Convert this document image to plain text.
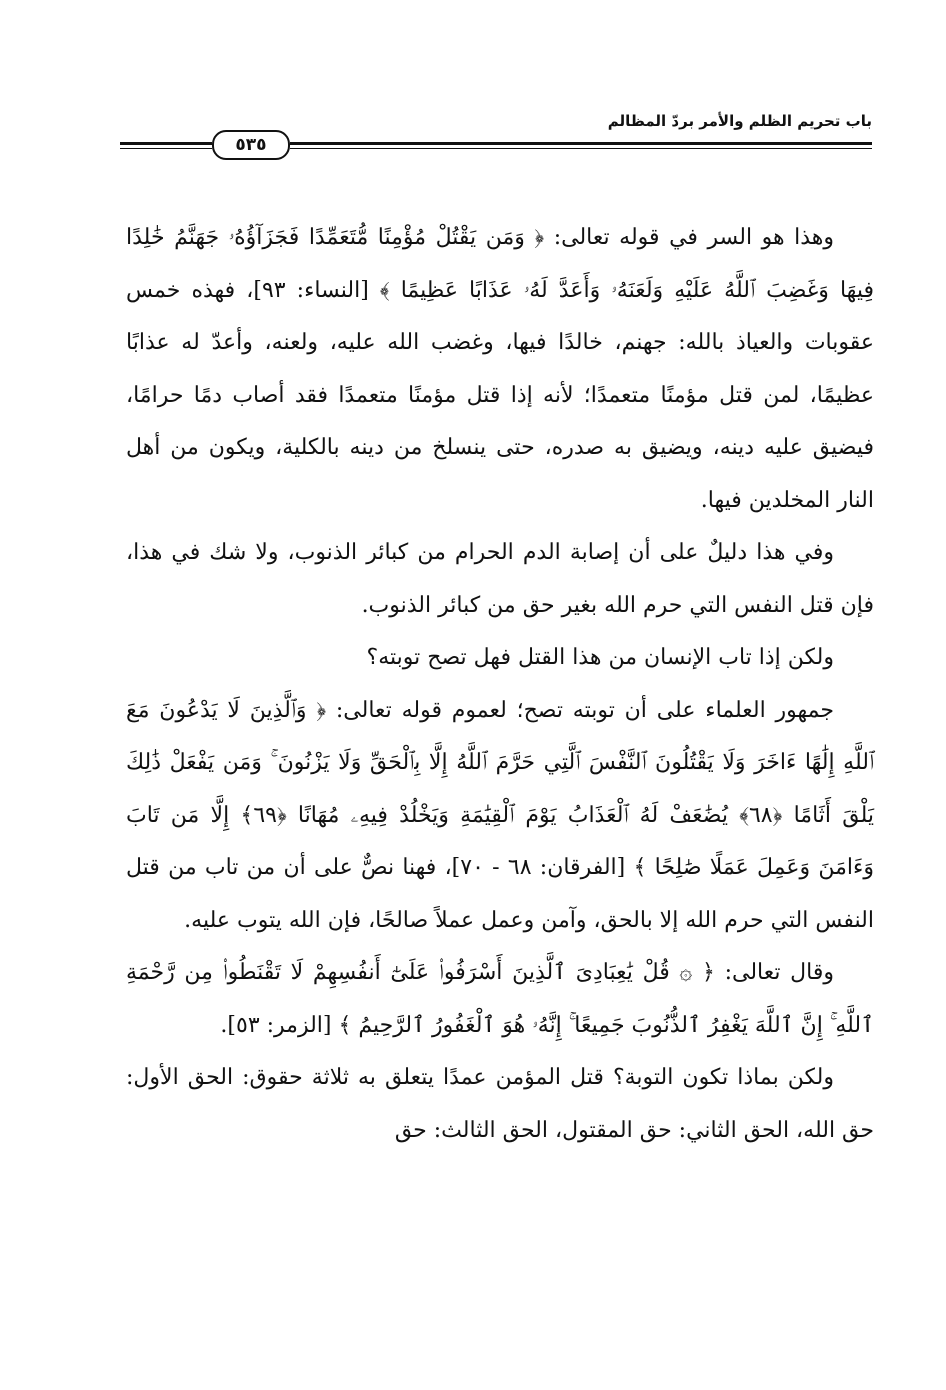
باب تحريم الظلم والأمر بردّ المظالم
٥٣٥

وهذا هو السر في قوله تعالى: ﴿ وَمَن يَقْتُلْ مُؤْمِنًا مُّتَعَمِّدًا فَجَزَآؤُهُۥ جَهَنَّمُ خَٰلِدًا فِيهَا وَغَضِبَ ٱللَّهُ عَلَيْهِ وَلَعَنَهُۥ وَأَعَدَّ لَهُۥ عَذَابًا عَظِيمًا ﴾ [النساء: ٩٣]، فهذه خمس عقوبات والعياذ بالله: جهنم، خالدًا فيها، وغضب الله عليه، ولعنه، وأعدّ له عذابًا عظيمًا، لمن قتل مؤمنًا متعمدًا؛ لأنه إذا قتل مؤمنًا متعمدًا فقد أصاب دمًا حرامًا، فيضيق عليه دينه، ويضيق به صدره، حتى ينسلخ من دينه بالكلية، ويكون من أهل النار المخلدين فيها.

وفي هذا دليلٌ على أن إصابة الدم الحرام من كبائر الذنوب، ولا شك في هذا، فإن قتل النفس التي حرم الله بغير حق من كبائر الذنوب.

ولكن إذا تاب الإنسان من هذا القتل فهل تصح توبته؟

جمهور العلماء على أن توبته تصح؛ لعموم قوله تعالى: ﴿ وَٱلَّذِينَ لَا يَدْعُونَ مَعَ ٱللَّهِ إِلَٰهًا ءَاخَرَ وَلَا يَقْتُلُونَ ٱلنَّفْسَ ٱلَّتِي حَرَّمَ ٱللَّهُ إِلَّا بِٱلْحَقِّ وَلَا يَزْنُونَ ۚ وَمَن يَفْعَلْ ذَٰلِكَ يَلْقَ أَثَامًا ﴿٦٨﴾ يُضَٰعَفْ لَهُ ٱلْعَذَابُ يَوْمَ ٱلْقِيَٰمَةِ وَيَخْلُدْ فِيهِۦ مُهَانًا ﴿٦٩﴾ إِلَّا مَن تَابَ وَءَامَنَ وَعَمِلَ عَمَلًا صَٰلِحًا ﴾ [الفرقان: ٦٨ - ٧٠]، فهنا نصٌّ على أن من تاب من قتل النفس التي حرم الله إلا بالحق، وآمن وعمل عملاً صالحًا، فإن الله يتوب عليه.

وقال تعالى: ﴿ ۞ قُلْ يَٰعِبَادِىَ ٱلَّذِينَ أَسْرَفُوا۟ عَلَىٰٓ أَنفُسِهِمْ لَا تَقْنَطُوا۟ مِن رَّحْمَةِ ٱللَّهِ ۚ إِنَّ ٱللَّهَ يَغْفِرُ ٱلذُّنُوبَ جَمِيعًا ۚ إِنَّهُۥ هُوَ ٱلْغَفُورُ ٱلرَّحِيمُ ﴾ [الزمر: ٥٣].

ولكن بماذا تكون التوبة؟ قتل المؤمن عمدًا يتعلق به ثلاثة حقوق: الحق الأول: حق الله، الحق الثاني: حق المقتول، الحق الثالث: حق
